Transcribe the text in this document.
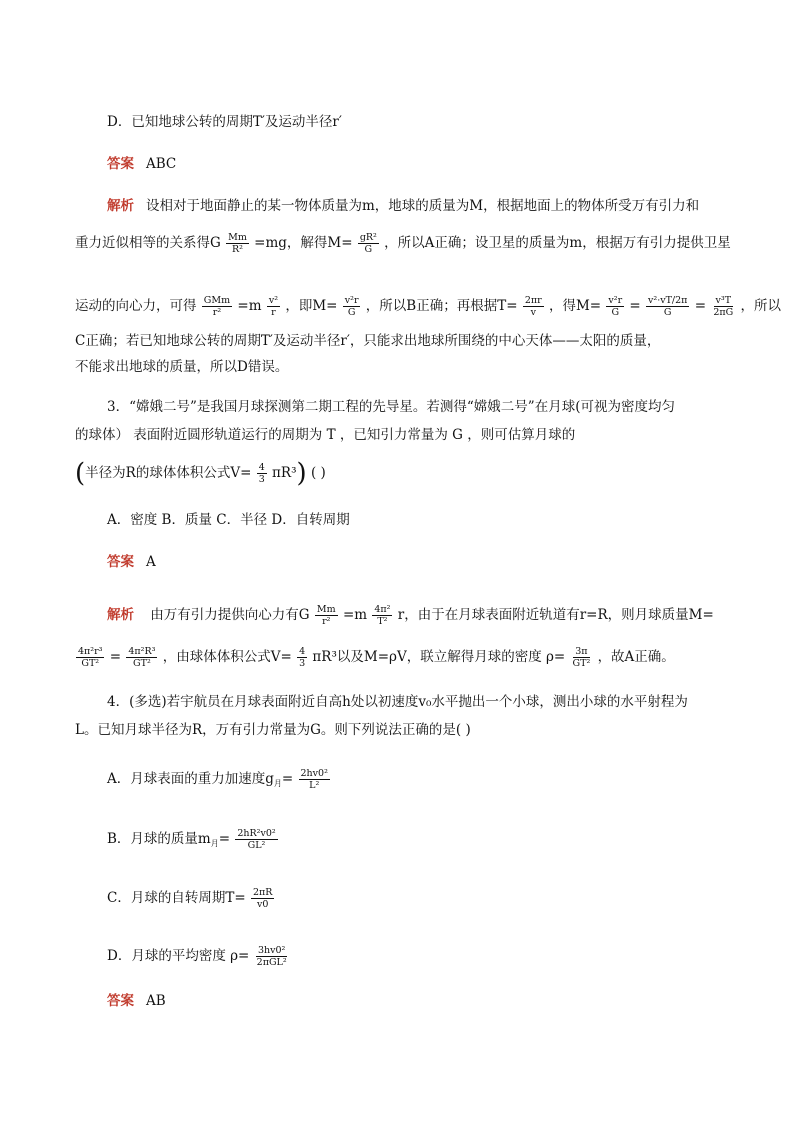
D．已知地球公转的周期T′及运动半径r′
答案 ABC
解析 设相对于地面静止的某一物体质量为m，地球的质量为M，根据地面上的物体所受万有引力和
重力近似相等的关系得G $\frac{Mm}{\text{R²}} =mg$，解得$M= \frac{\text{gR²}}{G}$ ，所以A正确；设卫星的质量为m，根据万有引力提供卫星
运动的向心力，可得 GMm
$r^2 =m \frac{\text{v²}}{r}$ ，即$M= \frac{\text{v²r}}{G}$ ，所以B正确；再根据$T= \frac{2\pi r}{v}$ ，得$M= \frac{\text{v²r}}{G} = \frac{\text{v²·vT/2π}}{G} = \frac{\text{v³T}}{2\pi G}$ ，所以
C正确；若已知地球公转的周期T′及运动半径r′，只能求出地球所围绕的中心天体——太阳的质量，
不能求出地球的质量，所以D错误。
3．“嫦娥二号”是我国月球探测第二期工程的先导星。若测得“嫦娥二号”在月球(可视为密度均匀
的球体） 表面附近圆形轨道运行的周期为 T ，已知引力常量为 G ，则可估算月球的
(半径为R的球体体积公式$V= \frac{4}{3} \pi R^3$) ( )
A．密度 B．质量 C．半径 D．自转周期
答案 A
解析 由万有引力提供向心力有G $\frac{Mm}{\text{r²}} =m \frac{\text{4π²}}{\text{T²}}$ r，由于在月球表面附近轨道有r=R，则月球质量M=
$\frac{\text{4π²r³}}{\text{GT²}} = \frac{\text{4π²R³}}{\text{GT²}}$ ，由球体体积公式$V= \frac{4}{3} \pi R^3$以及M=ρV，联立解得月球的密度 $\rho= \frac{3\pi}{\text{GT²}}$ ，故A正确。
4．(多选)若宇航员在月球表面附近自高h处以初速度v₀水平抛出一个小球，测出小球的水平射程为
L。已知月球半径为R，万有引力常量为G。则下列说法正确的是( )
A．月球表面的重力加速度$g_月= \frac{\text{2hv0²}}{\text{L²}}$
B．月球的质量$m_月= \frac{\text{2hR²v0²}}{\text{GL²}}$
C．月球的自转周期$T= \frac{2\pi R}{v0}$
D．月球的平均密度 ρ= 3hv0²
2πGL²
答案 AB
